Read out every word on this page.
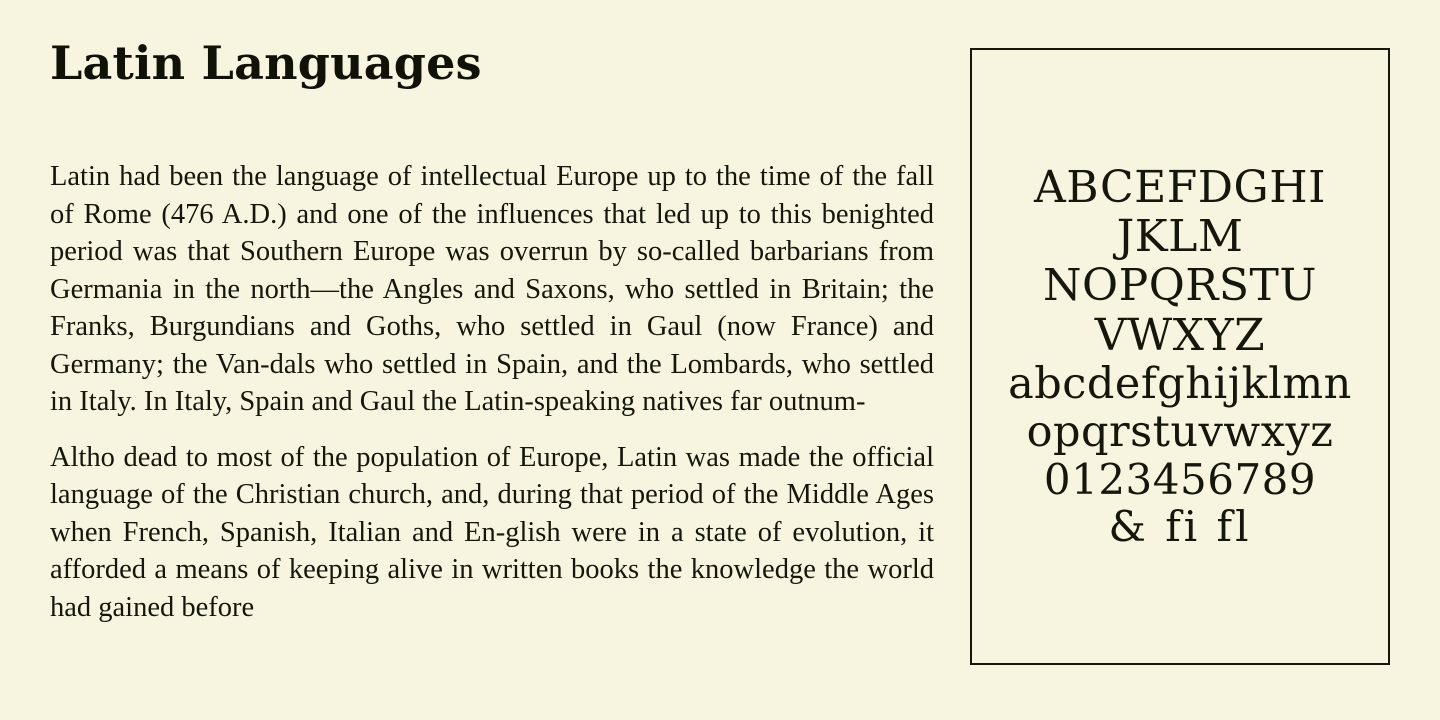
Latin Languages

Latin had been the language of intellectual Europe up to the time of the fall of Rome (476 A.D.) and one of the influences that led up to this benighted period was that Southern Europe was overrun by so-called barbarians from Germania in the north—the Angles and Saxons, who settled in Britain; the Franks, Burgundians and Goths, who settled in Gaul (now France) and Germany; the Van-dals who settled in Spain, and the Lombards, who settled in Italy. In Italy, Spain and Gaul the Latin-speaking natives far outnum-

Altho dead to most of the population of Europe, Latin was made the official language of the Christian church, and, during that period of the Middle Ages when French, Spanish, Italian and En-glish were in a state of evolution, it afforded a means of keeping alive in written books the knowledge the world had gained before

ABCEFDGHI
JKLM
NOPQRSTU
VWXYZ
abcdefghijklmn
opqrstuvwxyz
0123456789
& fi fl
